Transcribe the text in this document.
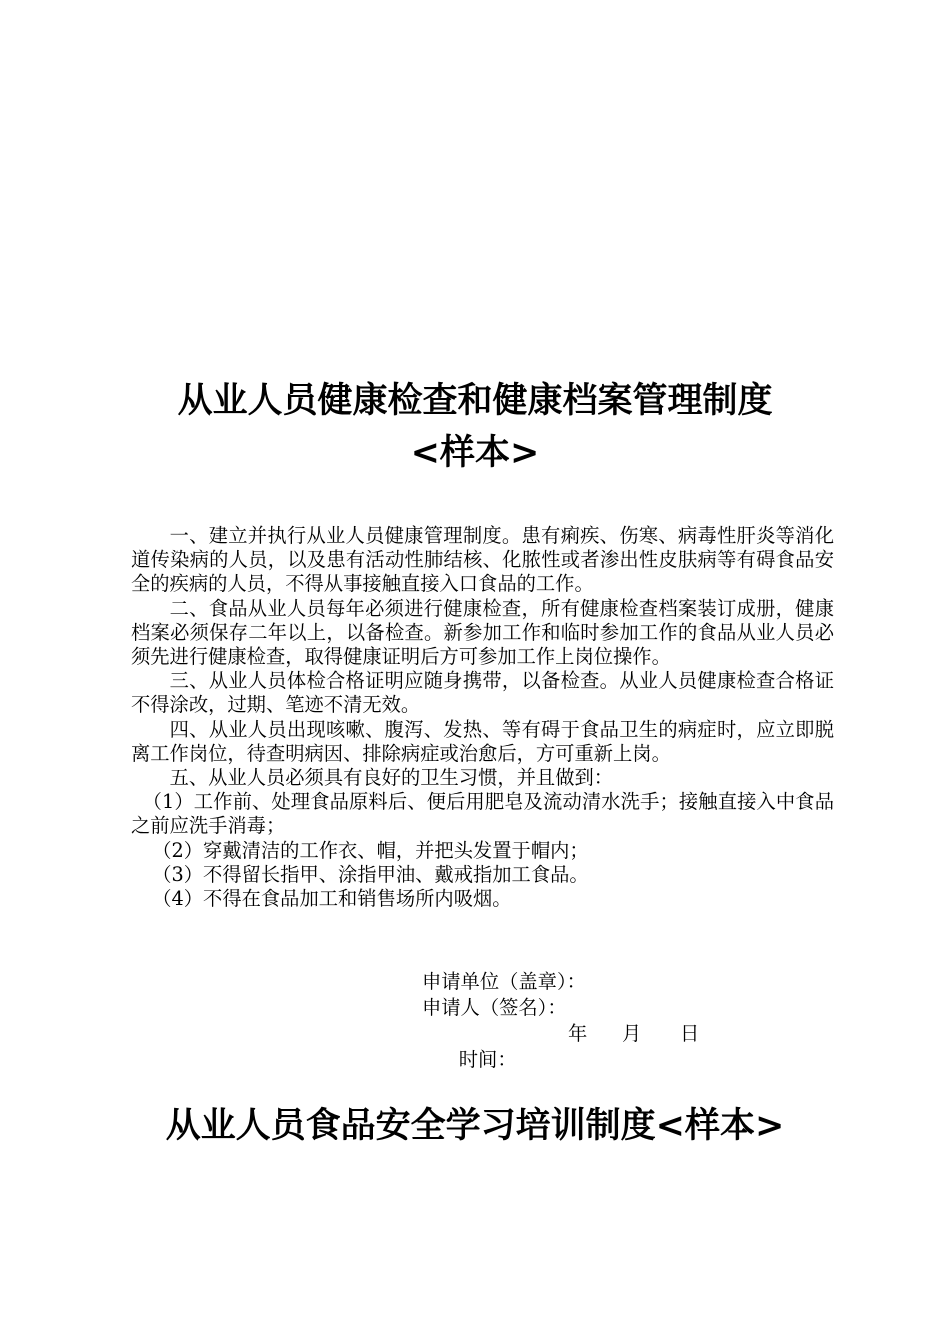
从业人员健康检查和健康档案管理制度
<样本>

一、建立并执行从业人员健康管理制度。患有痢疾、伤寒、病毒性肝炎等消化道传染病的人员，以及患有活动性肺结核、化脓性或者渗出性皮肤病等有碍食品安全的疾病的人员，不得从事接触直接入口食品的工作。

二、食品从业人员每年必须进行健康检查，所有健康检查档案装订成册，健康档案必须保存二年以上，以备检查。新参加工作和临时参加工作的食品从业人员必须先进行健康检查，取得健康证明后方可参加工作上岗位操作。

三、从业人员体检合格证明应随身携带，以备检查。从业人员健康检查合格证不得涂改，过期、笔迹不清无效。

四、从业人员出现咳嗽、腹泻、发热、等有碍于食品卫生的病症时，应立即脱离工作岗位，待查明病因、排除病症或治愈后，方可重新上岗。

五、从业人员必须具有良好的卫生习惯，并且做到：

（1）工作前、处理食品原料后、便后用肥皂及流动清水洗手；接触直接入中食品之前应洗手消毒；

（2）穿戴清洁的工作衣、帽，并把头发置于帽内；

（3）不得留长指甲、涂指甲油、戴戒指加工食品。

（4）不得在食品加工和销售场所内吸烟。

申请单位（盖章）：
申请人（签名）：

时间：

年

月

日

从业人员食品安全学习培训制度<样本>
